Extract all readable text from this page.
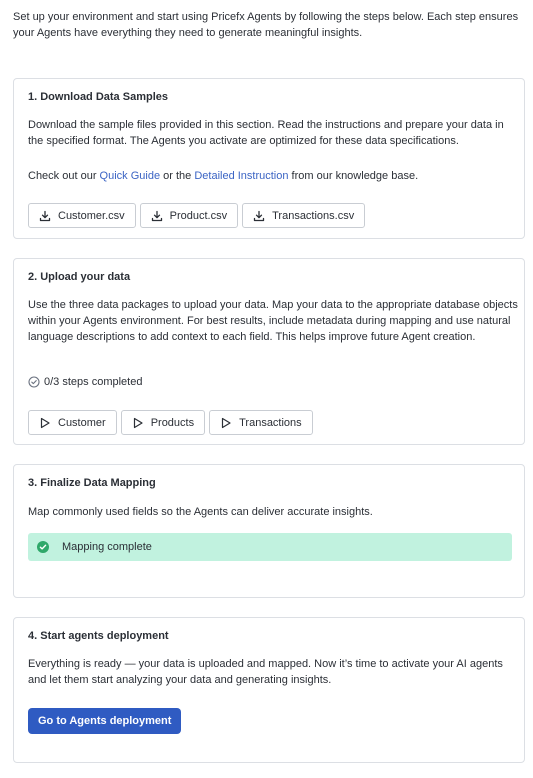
Set up your environment and start using Pricefx Agents by following the steps below. Each step ensures your Agents have everything they need to generate meaningful insights.
1. Download Data Samples
Download the sample files provided in this section. Read the instructions and prepare your data in the specified format. The Agents you activate are optimized for these data specifications.
Check out our Quick Guide or the Detailed Instruction from our knowledge base.
Customer.csv	Product.csv	Transactions.csv
2. Upload your data
Use the three data packages to upload your data. Map your data to the appropriate database objects within your Agents environment. For best results, include metadata during mapping and use natural language descriptions to add context to each field. This helps improve future Agent creation.
0/3 steps completed
Customer	Products	Transactions
3. Finalize Data Mapping
Map commonly used fields so the Agents can deliver accurate insights.
Mapping complete
4. Start agents deployment
Everything is ready — your data is uploaded and mapped. Now it’s time to activate your AI agents and let them start analyzing your data and generating insights.
Go to Agents deployment
